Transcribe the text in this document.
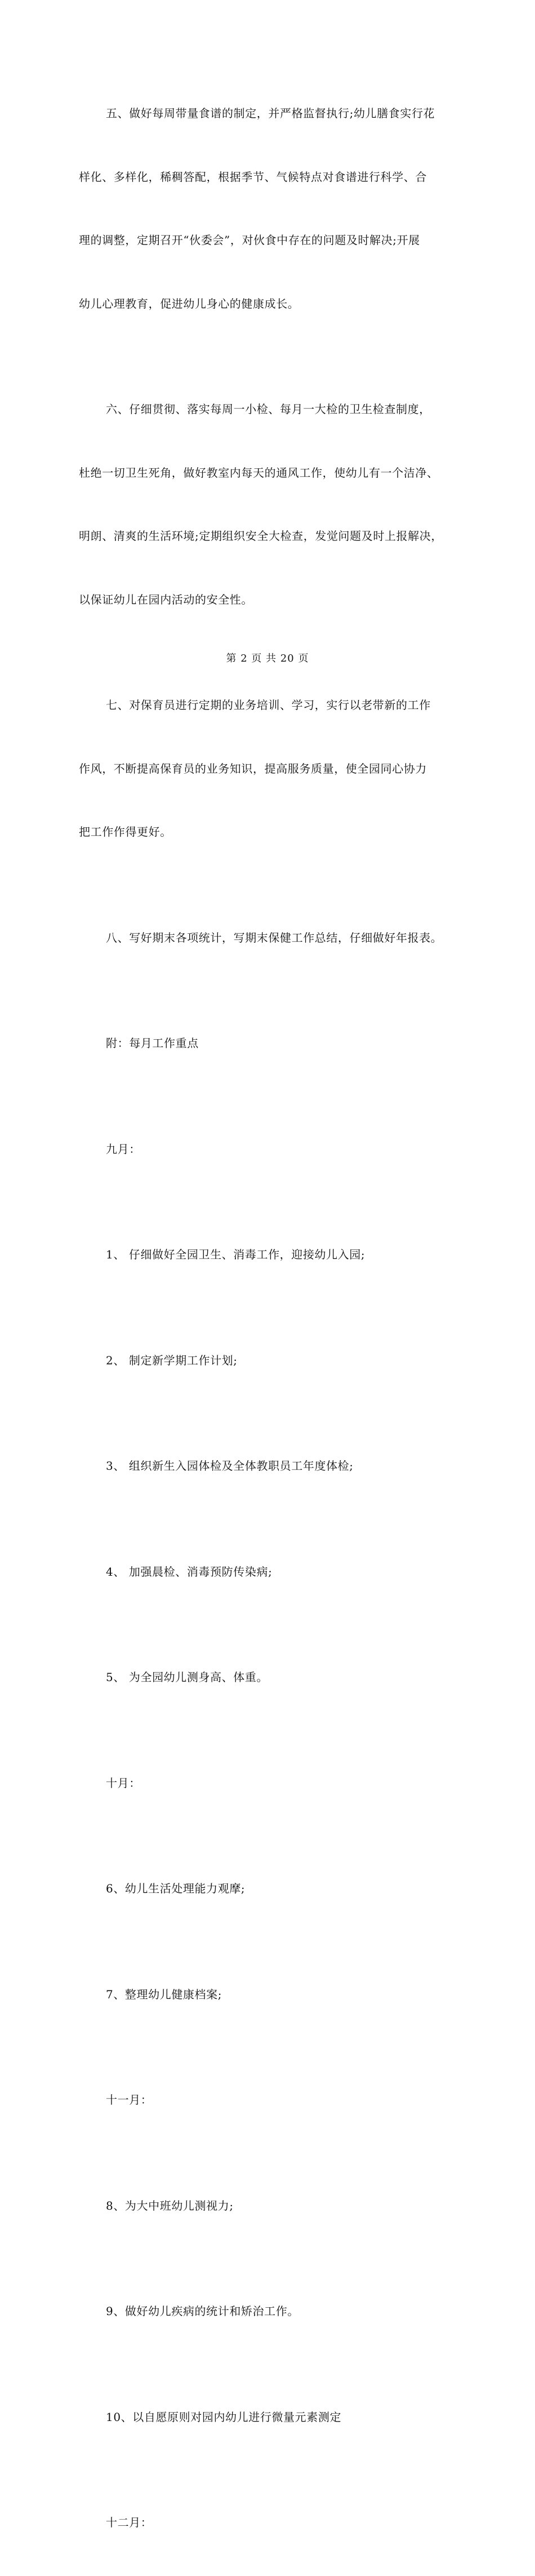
五、做好每周带量食谱的制定，并严格监督执行;幼儿膳食实行花

样化、多样化，稀稠答配，根据季节、气候特点对食谱进行科学、合

理的调整，定期召开“伙委会”，对伙食中存在的问题及时解决;开展

幼儿心理教育，促进幼儿身心的健康成长。

六、仔细贯彻、落实每周一小检、每月一大检的卫生检查制度，

杜绝一切卫生死角，做好教室内每天的通风工作，使幼儿有一个洁净、

明朗、清爽的生活环境;定期组织安全大检查，发觉问题及时上报解决，

以保证幼儿在园内活动的安全性。

七、对保育员进行定期的业务培训、学习，实行以老带新的工作

作风，不断提高保育员的业务知识，提高服务质量，使全园同心协力

把工作作得更好。

八、写好期末各项统计，写期末保健工作总结，仔细做好年报表。

附：每月工作重点

九月：

1、 仔细做好全园卫生、消毒工作，迎接幼儿入园;

2、 制定新学期工作计划;

3、 组织新生入园体检及全体教职员工年度体检;

4、 加强晨检、消毒预防传染病;

5、 为全园幼儿测身高、体重。

十月：

6、幼儿生活处理能力观摩;

7、整理幼儿健康档案;

十一月：

8、为大中班幼儿测视力;

9、做好幼儿疾病的统计和矫治工作。

10、以自愿原则对园内幼儿进行微量元素测定

十二月：

第 2 页 共 20 页
